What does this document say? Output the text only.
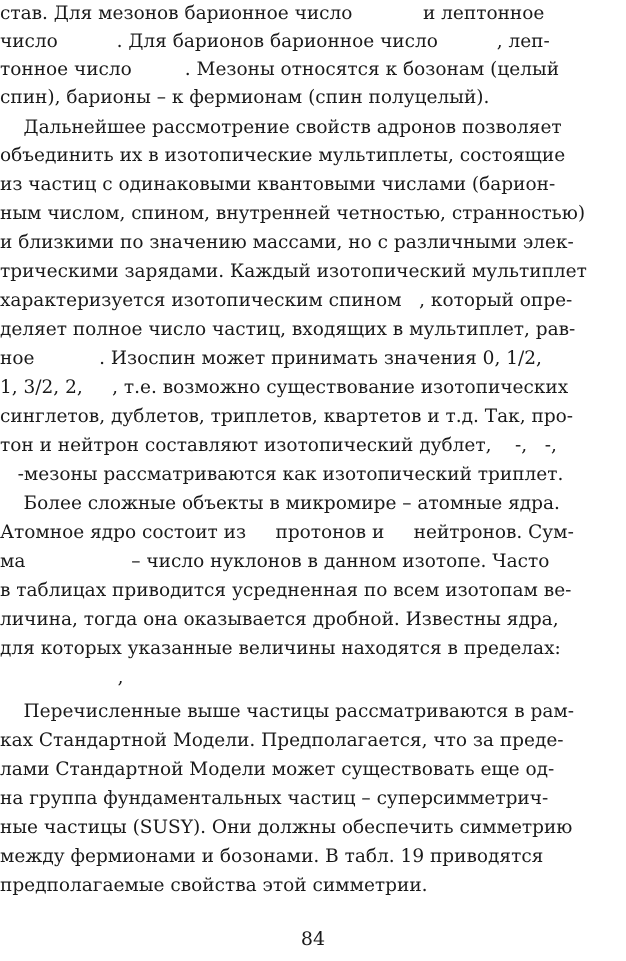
став. Для мезонов барионное число            и лептонное
число          . Для барионов барионное число          , леп-
тонное число         . Мезоны относятся к бозонам (целый
спин), барионы – к фермионам (спин полуцелый).
Дальнейшее рассмотрение свойств адронов позволяет
объединить их в изотопические мультиплеты, состоящие
из частиц с одинаковыми квантовыми числами (барион-
ным числом, спином, внутренней четностью, странностью)
и близкими по значению массами, но с различными элек-
трическими зарядами. Каждый изотопический мультиплет
характеризуется изотопическим спином   , который опре-
деляет полное число частиц, входящих в мультиплет, рав-
ное           . Изоспин может принимать значения 0, 1/2,
1, 3/2, 2,     , т.е. возможно существование изотопических
синглетов, дублетов, триплетов, квартетов и т.д. Так, про-
тон и нейтрон составляют изотопический дублет,    -,   -,
-мезоны рассматриваются как изотопический триплет.
Более сложные объекты в микромире – атомные ядра.
Атомное ядро состоит из     протонов и     нейтронов. Сум-
ма                  – число нуклонов в данном изотопе. Часто
в таблицах приводится усредненная по всем изотопам ве-
личина, тогда она оказывается дробной. Известны ядра,
для которых указанные величины находятся в пределах:
,
Перечисленные выше частицы рассматриваются в рам-
ках Стандартной Модели. Предполагается, что за преде-
лами Стандартной Модели может существовать еще од-
на группа фундаментальных частиц – суперсимметрич-
ные частицы (SUSY). Они должны обеспечить симметрию
между фермионами и бозонами. В табл. 19 приводятся
предполагаемые свойства этой симметрии.
84
